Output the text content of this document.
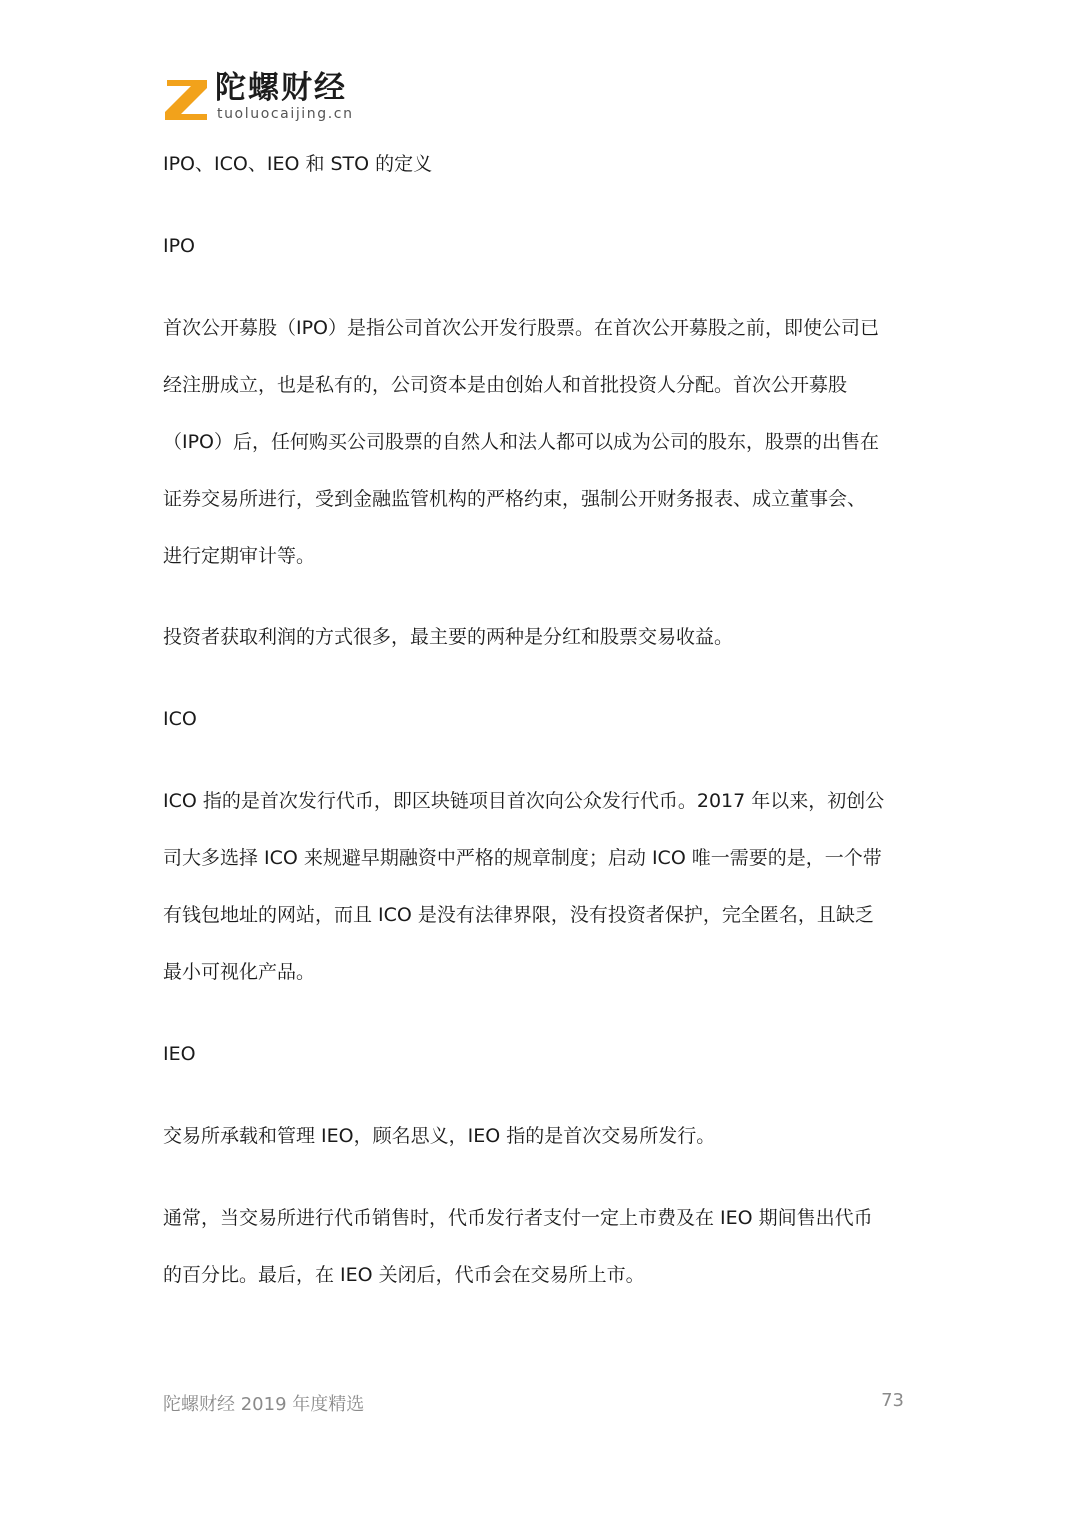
陀螺财经
tuoluocaijing.cn
IPO、ICO、IEO 和 STO 的定义
IPO
首次公开募股（IPO）是指公司首次公开发行股票。在首次公开募股之前，即使公司已
经注册成立，也是私有的，公司资本是由创始人和首批投资人分配。首次公开募股
（IPO）后，任何购买公司股票的自然人和法人都可以成为公司的股东，股票的出售在
证券交易所进行，受到金融监管机构的严格约束，强制公开财务报表、成立董事会、
进行定期审计等。
投资者获取利润的方式很多，最主要的两种是分红和股票交易收益。
ICO
ICO 指的是首次发行代币，即区块链项目首次向公众发行代币。2017 年以来，初创公
司大多选择 ICO 来规避早期融资中严格的规章制度；启动 ICO 唯一需要的是，一个带
有钱包地址的网站，而且 ICO 是没有法律界限，没有投资者保护，完全匿名，且缺乏
最小可视化产品。
IEO
交易所承载和管理 IEO，顾名思义，IEO 指的是首次交易所发行。
通常，当交易所进行代币销售时，代币发行者支付一定上市费及在 IEO 期间售出代币
的百分比。最后，在 IEO 关闭后，代币会在交易所上市。
陀螺财经 2019 年度精选	73
